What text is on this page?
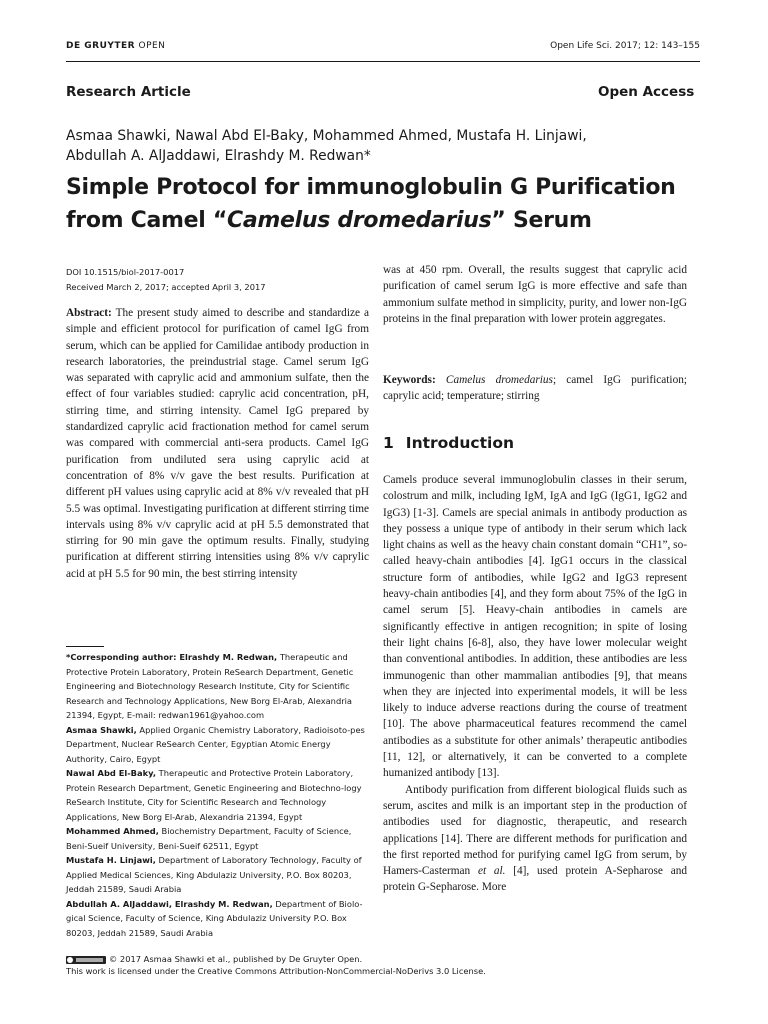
DE GRUYTER OPEN	Open Life Sci. 2017; 12: 143–155
Research Article	Open Access
Asmaa Shawki, Nawal Abd El-Baky, Mohammed Ahmed, Mustafa H. Linjawi,
Abdullah A. AlJaddawi, Elrashdy M. Redwan*
Simple Protocol for immunoglobulin G Purification
from Camel “Camelus dromedarius” Serum
DOI 10.1515/biol-2017-0017
Received March 2, 2017; accepted April 3, 2017

Abstract: The present study aimed to describe and standardize a simple and efficient protocol for purification of camel IgG from serum, which can be applied for Camilidae antibody production in research laboratories, the preindustrial stage. Camel serum IgG was separated with caprylic acid and ammonium sulfate, then the effect of four variables studied: caprylic acid concentration, pH, stirring time, and stirring intensity. Camel IgG prepared by standardized caprylic acid fractionation method for camel serum was compared with commercial anti-sera products. Camel IgG purification from undiluted sera using caprylic acid at concentration of 8% v/v gave the best results. Purification at different pH values using caprylic acid at 8% v/v revealed that pH 5.5 was optimal. Investigating purification at different stirring time intervals using 8% v/v caprylic acid at pH 5.5 demonstrated that stirring for 90 min gave the optimum results. Finally, studying purification at different stirring intensities using 8% v/v caprylic acid at pH 5.5 for 90 min, the best stirring intensity

was at 450 rpm. Overall, the results suggest that caprylic acid purification of camel serum IgG is more effective and safe than ammonium sulfate method in simplicity, purity, and lower non-IgG proteins in the final preparation with lower protein aggregates.

Keywords: Camelus dromedarius; camel IgG purification; caprylic acid; temperature; stirring

1 Introduction

Camels produce several immunoglobulin classes in their serum, colostrum and milk, including IgM, IgA and IgG (IgG1, IgG2 and IgG3) [1-3]. Camels are special animals in antibody production as they possess a unique type of antibody in their serum which lack light chains as well as the heavy chain constant domain “CH1”, so-called heavy-chain antibodies [4]. IgG1 occurs in the classical structure form of antibodies, while IgG2 and IgG3 represent heavy-chain antibodies [4], and they form about 75% of the IgG in camel serum [5]. Heavy-chain antibodies in camels are significantly effective in antigen recognition; in spite of losing their light chains [6-8], also, they have lower molecular weight than conventional antibodies. In addition, these antibodies are less immunogenic than other mammalian antibodies [9], that means when they are injected into experimental models, it will be less likely to induce adverse reactions during the course of treatment [10]. The above pharmaceutical features recommend the camel antibodies as a substitute for other animals’ therapeutic antibodies [11, 12], or alternatively, it can be converted to a complete humanized antibody [13].

Antibody purification from different biological fluids such as serum, ascites and milk is an important step in the production of antibodies used for diagnostic, therapeutic, and research applications [14]. There are different methods for purification and the first reported method for purifying camel IgG from serum, by Hamers-Casterman et al. [4], used protein A-Sepharose and protein G-Sepharose. More

*Corresponding author: Elrashdy M. Redwan, Therapeutic and Protective Protein Laboratory, Protein ReSearch Department, Genetic Engineering and Biotechnology Research Institute, City for Scientific Research and Technology Applications, New Borg El-Arab, Alexandria 21394, Egypt, E-mail: redwan1961@yahoo.com

Asmaa Shawki, Applied Organic Chemistry Laboratory, Radioisoto-pes Department, Nuclear ReSearch Center, Egyptian Atomic Energy Authority, Cairo, Egypt

Nawal Abd El-Baky, Therapeutic and Protective Protein Laboratory, Protein Research Department, Genetic Engineering and Biotechno-logy ReSearch Institute, City for Scientific Research and Technology Applications, New Borg El-Arab, Alexandria 21394, Egypt

Mohammed Ahmed, Biochemistry Department, Faculty of Science, Beni-Sueif University, Beni-Sueif 62511, Egypt

Mustafa H. Linjawi, Department of Laboratory Technology, Faculty of Applied Medical Sciences, King Abdulaziz University, P.O. Box 80203, Jeddah 21589, Saudi Arabia

Abdullah A. AlJaddawi, Elrashdy M. Redwan, Department of Biolo-gical Science, Faculty of Science, King Abdulaziz University P.O. Box 80203, Jeddah 21589, Saudi Arabia

© 2017 Asmaa Shawki et al., published by De Gruyter Open.
This work is licensed under the Creative Commons Attribution-NonCommercial-NoDerivs 3.0 License.
